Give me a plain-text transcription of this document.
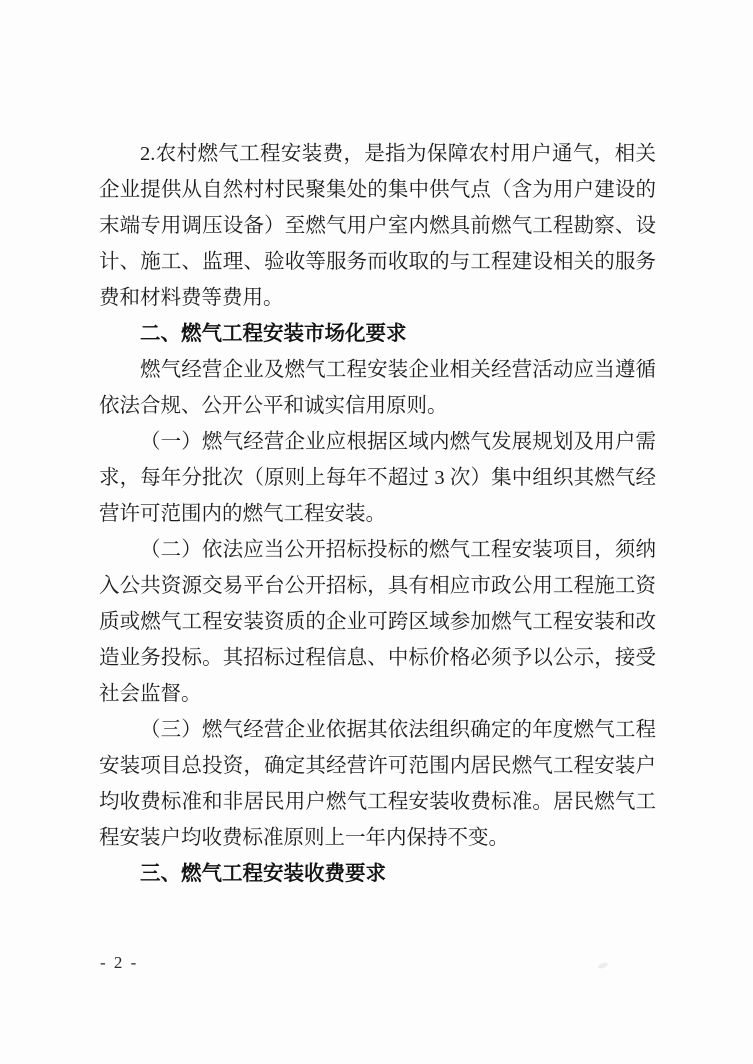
2.农村燃气工程安装费，是指为保障农村用户通气，相关企业提供从自然村村民聚集处的集中供气点（含为用户建设的末端专用调压设备）至燃气用户室内燃具前燃气工程勘察、设计、施工、监理、验收等服务而收取的与工程建设相关的服务费和材料费等费用。

二、燃气工程安装市场化要求

燃气经营企业及燃气工程安装企业相关经营活动应当遵循依法合规、公开公平和诚实信用原则。

（一）燃气经营企业应根据区域内燃气发展规划及用户需求，每年分批次（原则上每年不超过 3 次）集中组织其燃气经营许可范围内的燃气工程安装。

（二）依法应当公开招标投标的燃气工程安装项目，须纳入公共资源交易平台公开招标，具有相应市政公用工程施工资质或燃气工程安装资质的企业可跨区域参加燃气工程安装和改造业务投标。其招标过程信息、中标价格必须予以公示，接受社会监督。

（三）燃气经营企业依据其依法组织确定的年度燃气工程安装项目总投资，确定其经营许可范围内居民燃气工程安装户均收费标准和非居民用户燃气工程安装收费标准。居民燃气工程安装户均收费标准原则上一年内保持不变。

三、燃气工程安装收费要求
- 2 -
